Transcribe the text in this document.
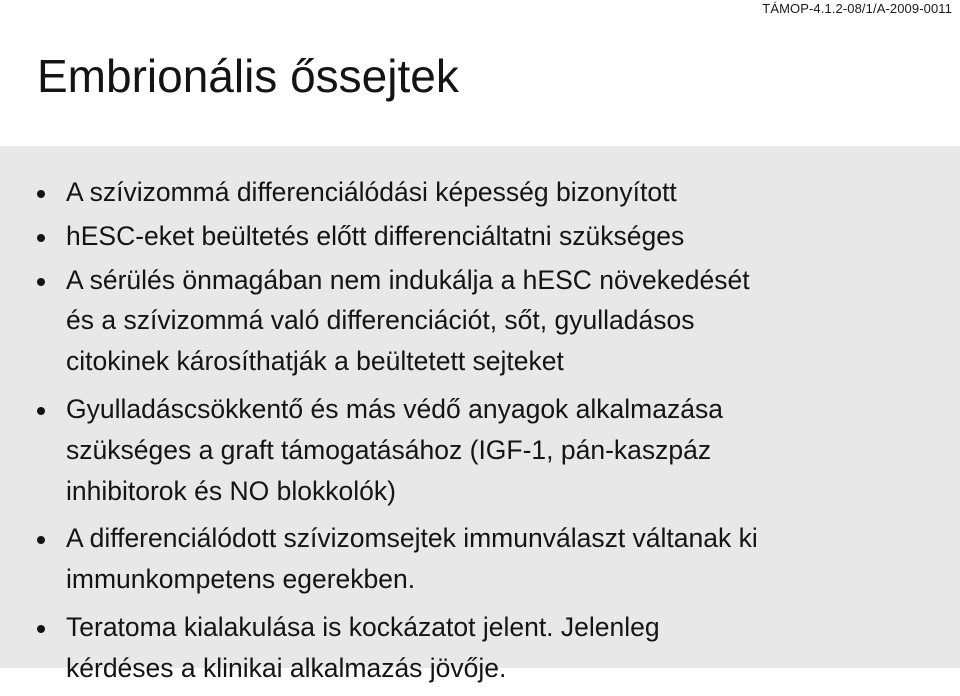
TÁMOP-4.1.2-08/1/A-2009-0011
Embrionális őssejtek
A szívizommá differenciálódási képesség bizonyított
hESC-eket beültetés előtt differenciáltatni szükséges
A sérülés önmagában nem indukálja a hESC növekedését
és a szívizommá való differenciációt, sőt, gyulladásos
citokinek károsíthatják a beültetett sejteket
Gyulladáscsökkentő és más védő anyagok alkalmazása
szükséges a graft támogatásához (IGF-1, pán-kaszpáz
inhibitorok és NO blokkolók)
A differenciálódott szívizomsejtek immunválaszt váltanak ki
immunkompetens egerekben.
Teratoma kialakulása is kockázatot jelent. Jelenleg
kérdéses a klinikai alkalmazás jövője.
